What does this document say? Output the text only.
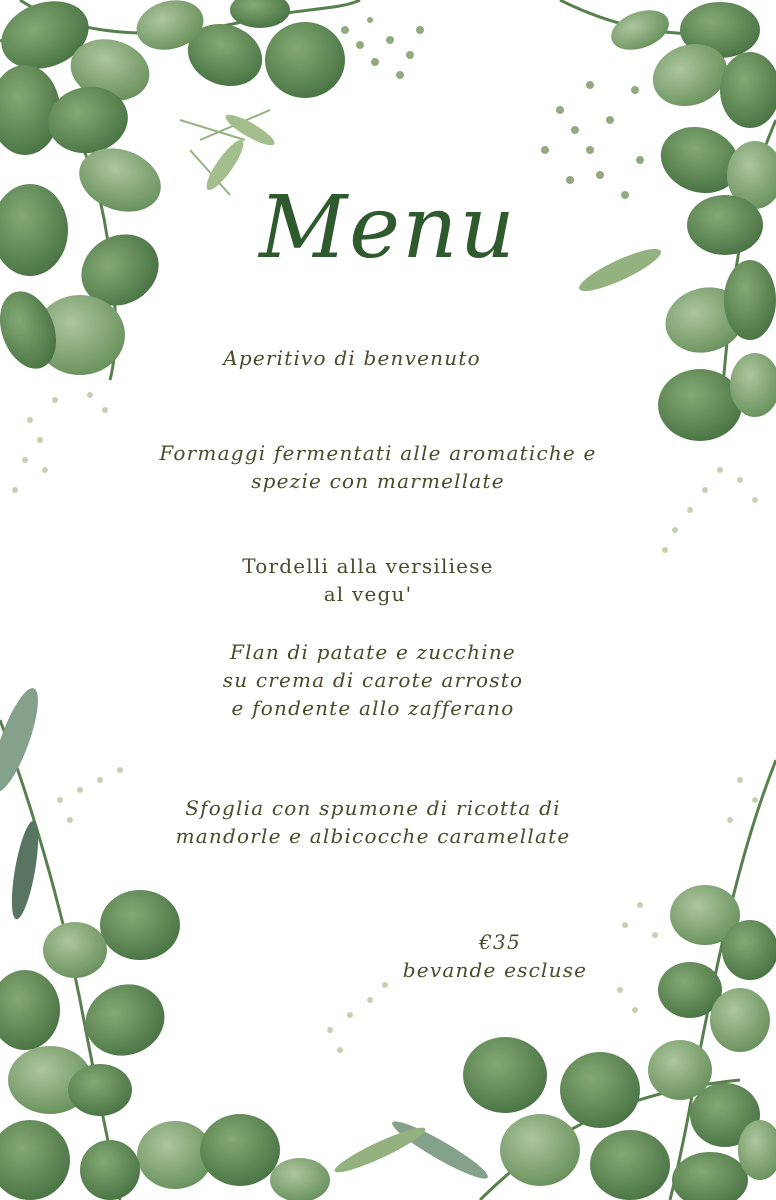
Menu
Aperitivo di benvenuto
Formaggi fermentati alle aromatiche e
spezie con marmellate
Tordelli alla versiliese
al vegu'
Flan di patate e zucchine
su crema di carote arrosto
e fondente allo zafferano
Sfoglia con spumone di ricotta di
mandorle e albicocche caramellate
€35
bevande escluse
